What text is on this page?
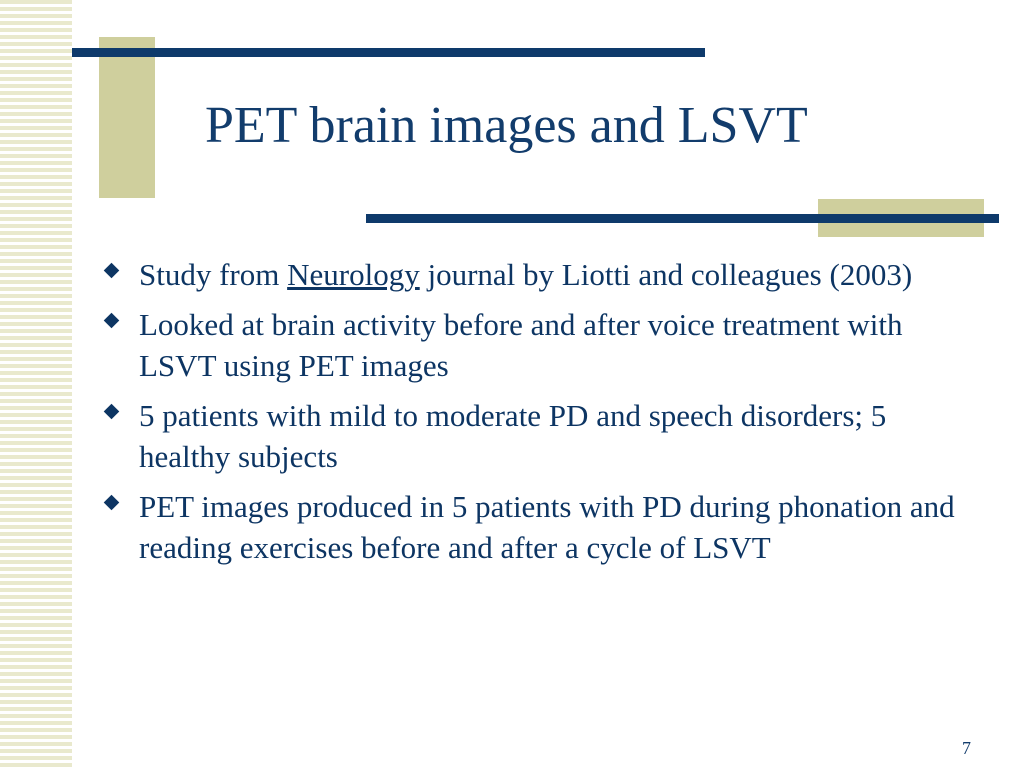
PET brain images and LSVT
Study from Neurology journal by Liotti and colleagues (2003)
Looked at brain activity before and after voice treatment with LSVT using PET images
5 patients with mild to moderate PD and speech disorders; 5 healthy subjects
PET images produced in 5 patients with PD during phonation and reading exercises before and after a cycle of LSVT
7
